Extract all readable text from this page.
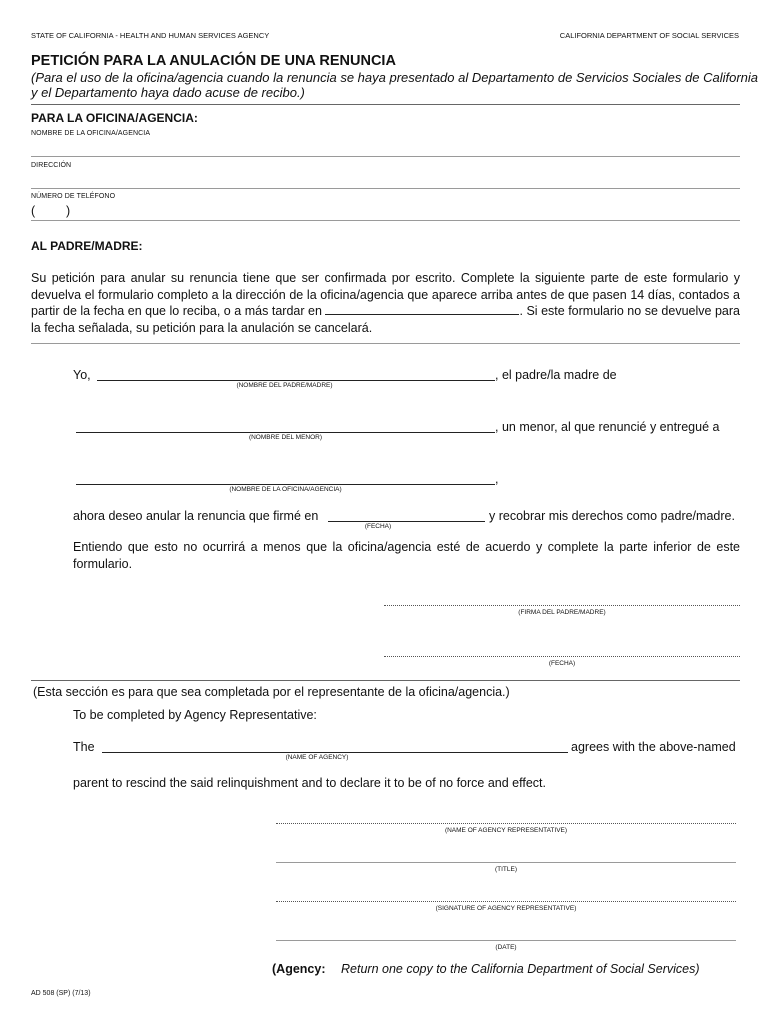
STATE OF CALIFORNIA - HEALTH AND HUMAN SERVICES AGENCY	CALIFORNIA DEPARTMENT OF SOCIAL SERVICES
PETICIÓN PARA LA ANULACIÓN DE UNA RENUNCIA
(Para el uso de la oficina/agencia cuando la renuncia se haya presentado al Departamento de Servicios Sociales de California
y el Departamento haya dado acuse de recibo.)
PARA LA OFICINA/AGENCIA:
NOMBRE DE LA OFICINA/AGENCIA
DIRECCIÓN
NÚMERO DE TELÉFONO
( )
AL PADRE/MADRE:
Su petición para anular su renuncia tiene que ser confirmada por escrito. Complete la siguiente parte de este formulario y devuelva el formulario completo a la dirección de la oficina/agencia que aparece arriba antes de que pasen 14 días, contados a partir de la fecha en que lo reciba, o a más tardar en	. Si este formulario no se devuelve para la fecha señalada, su petición para la anulación se cancelará.
Yo,	, el padre/la madre de
(NOMBRE DEL PADRE/MADRE)
, un menor, al que renuncié y entregué a
(NOMBRE DEL MENOR)
,
(NOMBRE DE LA OFICINA/AGENCIA)
ahora deseo anular la renuncia que firmé en	y recobrar mis derechos como padre/madre.
(FECHA)
Entiendo que esto no ocurrirá a menos que la oficina/agencia esté de acuerdo y complete la parte inferior de este formulario.
(FIRMA DEL PADRE/MADRE)
(FECHA)
(Esta sección es para que sea completada por el representante de la oficina/agencia.)
To be completed by Agency Representative:
The	agrees with the above-named
(NAME OF AGENCY)
parent to rescind the said relinquishment and to declare it to be of no force and effect.
(NAME OF AGENCY REPRESENTATIVE)
(TITLE)
(SIGNATURE OF AGENCY REPRESENTATIVE)
(DATE)
(Agency: Return one copy to the California Department of Social Services)
AD 508 (SP) (7/13)
